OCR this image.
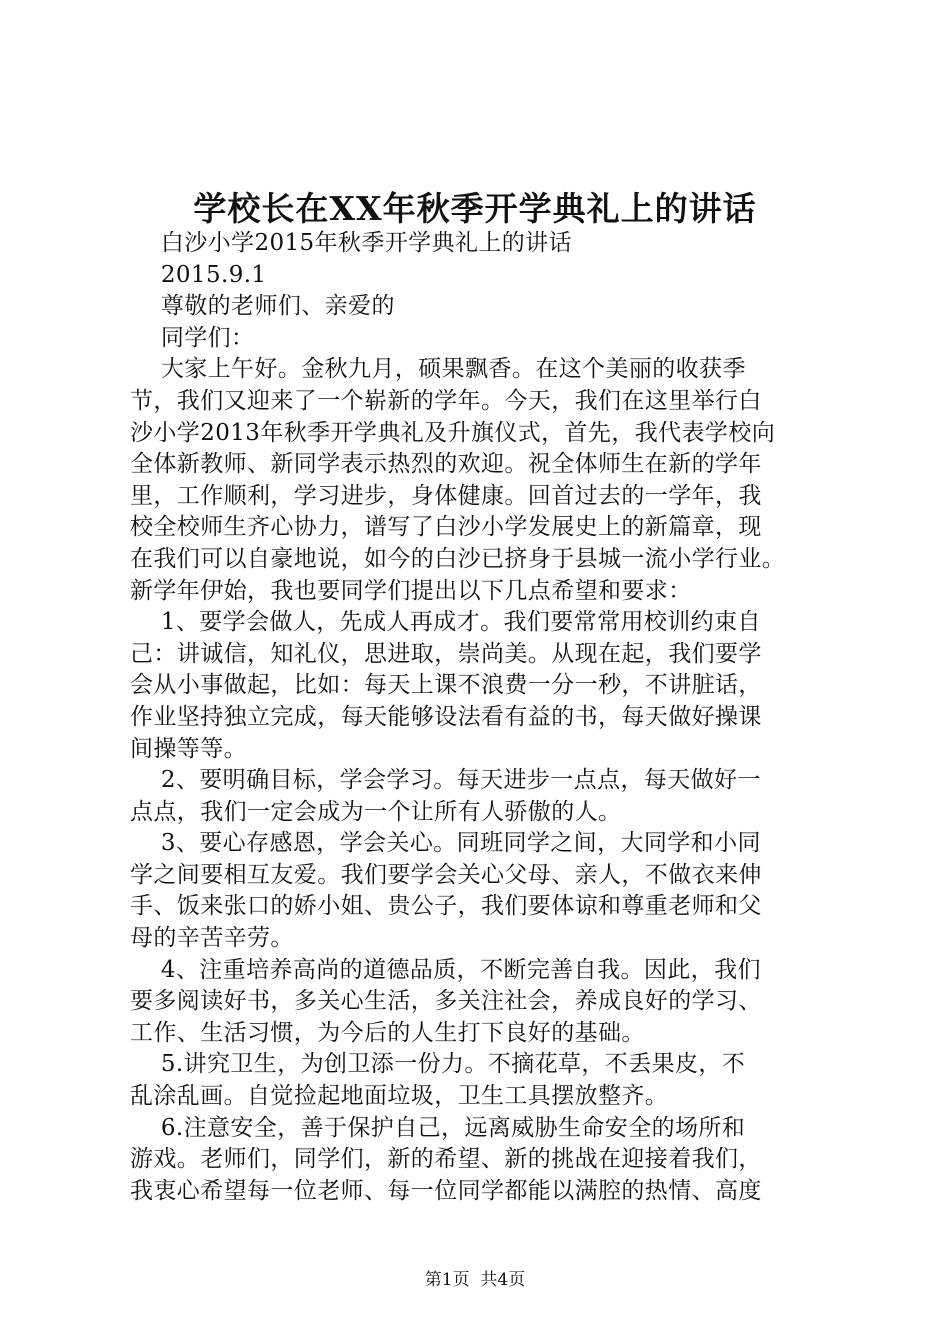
学校长在XX年秋季开学典礼上的讲话
白沙小学2015年秋季开学典礼上的讲话
2015.9.1
尊敬的老师们、亲爱的
同学们：
大家上午好。金秋九月，硕果飘香。在这个美丽的收获季
节，我们又迎来了一个崭新的学年。今天，我们在这里举行白
沙小学2013年秋季开学典礼及升旗仪式，首先，我代表学校向
全体新教师、新同学表示热烈的欢迎。祝全体师生在新的学年
里，工作顺利，学习进步，身体健康。回首过去的一学年，我
校全校师生齐心协力，谱写了白沙小学发展史上的新篇章，现
在我们可以自豪地说，如今的白沙已挤身于县城一流小学行业。
新学年伊始，我也要同学们提出以下几点希望和要求：
1、要学会做人，先成人再成才。我们要常常用校训约束自
己：讲诚信，知礼仪，思进取，崇尚美。从现在起，我们要学
会从小事做起，比如：每天上课不浪费一分一秒，不讲脏话，
作业坚持独立完成，每天能够设法看有益的书，每天做好操课
间操等等。
2、要明确目标，学会学习。每天进步一点点，每天做好一
点点，我们一定会成为一个让所有人骄傲的人。
3、要心存感恩，学会关心。同班同学之间，大同学和小同
学之间要相互友爱。我们要学会关心父母、亲人，不做衣来伸
手、饭来张口的娇小姐、贵公子，我们要体谅和尊重老师和父
母的辛苦辛劳。
4、注重培养高尚的道德品质，不断完善自我。因此，我们
要多阅读好书，多关心生活，多关注社会，养成良好的学习、
工作、生活习惯，为今后的人生打下良好的基础。
5.讲究卫生，为创卫添一份力。不摘花草，不丢果皮，不
乱涂乱画。自觉捡起地面垃圾，卫生工具摆放整齐。
6.注意安全，善于保护自己，远离威胁生命安全的场所和
游戏。老师们，同学们，新的希望、新的挑战在迎接着我们，
我衷心希望每一位老师、每一位同学都能以满腔的热情、高度
第1页  共4页
